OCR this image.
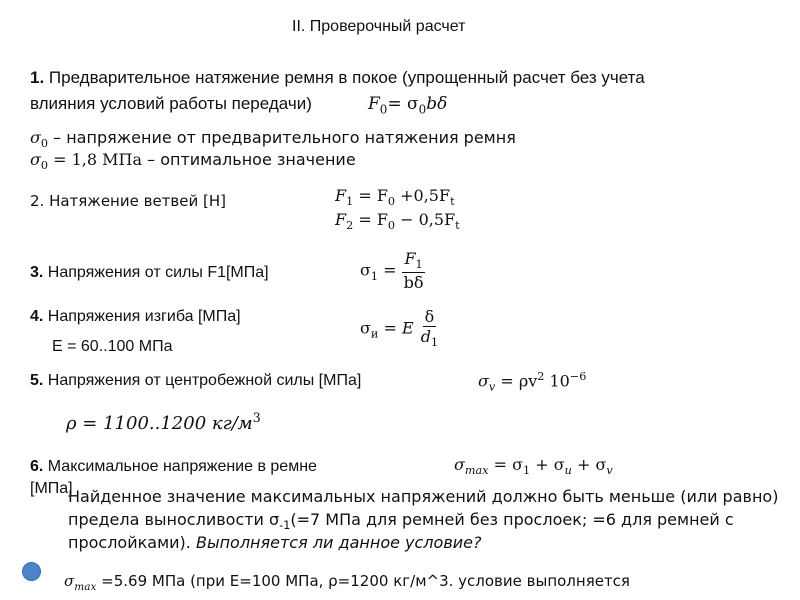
II. Проверочный расчет
1. Предварительное натяжение ремня в покое (упрощенный расчет без учета
влияния условий работы передачи)	$F_0= \sigma_0b\delta$
$\sigma_0$ – напряжение от предварительного натяжения ремня
$\sigma_0 = 1,8$ МПа – оптимальное значение
2. Натяжение ветвей [Н]	$F_1 = F_0 +0,5F_t$
$F_2 = F_0 - 0,5F_t$
3. Напряжения от силы F1[МПа]	$\sigma_1 = \frac{F_1}{b\delta}$
4. Напряжения изгиба [МПа]
E = 60..100 МПа
$\sigma_и = E \frac{\delta}{d_1}$
5. Напряжения от центробежной силы [МПа]	$\sigma_v = \rho v^2$ $10^{-6}$
ρ = 1100..1200 $кг/м^3$
6. Максимальное напряжение в ремне
[МПа]
$\sigma_{max} = \sigma_1 + \sigma_и + \sigma_v$
Найденное значение максимальных напряжений должно быть меньше (или равно)
предела выносливости $\sigma_{-1}(=7$ МПа для ремней без прослоек; =6 для ремней с
прослойками). Выполняется ли данное условие?
$\sigma_{max} =5.69$ МПа (при E=100 МПа, ρ=1200 кг/м^3. условие выполняется
